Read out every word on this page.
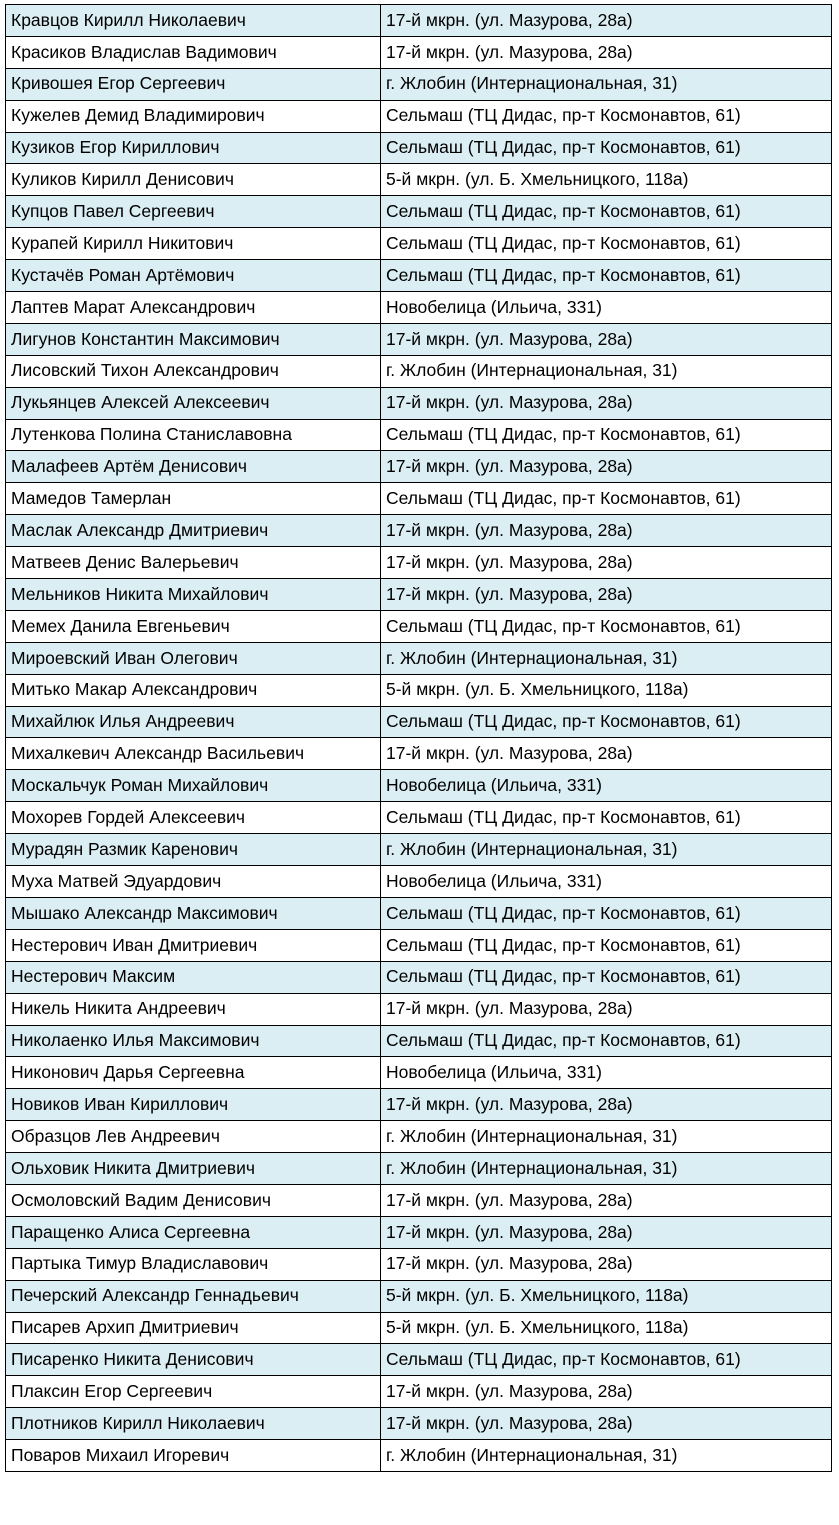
Кравцов Кирилл Николаевич	17-й мкрн. (ул. Мазурова, 28а)
Красиков Владислав Вадимович	17-й мкрн. (ул. Мазурова, 28а)
Кривошея Егор Сергеевич	г. Жлобин (Интернациональная, 31)
Кужелев Демид Владимирович	Сельмаш (ТЦ Дидас, пр-т Космонавтов, 61)
Кузиков Егор Кириллович	Сельмаш (ТЦ Дидас, пр-т Космонавтов, 61)
Куликов Кирилл Денисович	5-й мкрн. (ул. Б. Хмельницкого, 118а)
Купцов Павел Сергеевич	Сельмаш (ТЦ Дидас, пр-т Космонавтов, 61)
Курапей Кирилл Никитович	Сельмаш (ТЦ Дидас, пр-т Космонавтов, 61)
Кустачёв Роман Артёмович	Сельмаш (ТЦ Дидас, пр-т Космонавтов, 61)
Лаптев Марат Александрович	Новобелица (Ильича, 331)
Лигунов Константин Максимович	17-й мкрн. (ул. Мазурова, 28а)
Лисовский Тихон Александрович	г. Жлобин (Интернациональная, 31)
Лукьянцев Алексей Алексеевич	17-й мкрн. (ул. Мазурова, 28а)
Лутенкова Полина Станиславовна	Сельмаш (ТЦ Дидас, пр-т Космонавтов, 61)
Малафеев Артём Денисович	17-й мкрн. (ул. Мазурова, 28а)
Мамедов Тамерлан	Сельмаш (ТЦ Дидас, пр-т Космонавтов, 61)
Маслак Александр Дмитриевич	17-й мкрн. (ул. Мазурова, 28а)
Матвеев Денис Валерьевич	17-й мкрн. (ул. Мазурова, 28а)
Мельников Никита Михайлович	17-й мкрн. (ул. Мазурова, 28а)
Мемех Данила Евгеньевич	Сельмаш (ТЦ Дидас, пр-т Космонавтов, 61)
Мироевский Иван Олегович	г. Жлобин (Интернациональная, 31)
Митько Макар Александрович	5-й мкрн. (ул. Б. Хмельницкого, 118а)
Михайлюк Илья Андреевич	Сельмаш (ТЦ Дидас, пр-т Космонавтов, 61)
Михалкевич Александр Васильевич	17-й мкрн. (ул. Мазурова, 28а)
Москальчук Роман Михайлович	Новобелица (Ильича, 331)
Мохорев Гордей Алексеевич	Сельмаш (ТЦ Дидас, пр-т Космонавтов, 61)
Мурадян Размик Каренович	г. Жлобин (Интернациональная, 31)
Муха Матвей Эдуардович	Новобелица (Ильича, 331)
Мышако Александр Максимович	Сельмаш (ТЦ Дидас, пр-т Космонавтов, 61)
Нестерович Иван Дмитриевич	Сельмаш (ТЦ Дидас, пр-т Космонавтов, 61)
Нестерович Максим	Сельмаш (ТЦ Дидас, пр-т Космонавтов, 61)
Никель Никита Андреевич	17-й мкрн. (ул. Мазурова, 28а)
Николаенко Илья Максимович	Сельмаш (ТЦ Дидас, пр-т Космонавтов, 61)
Никонович Дарья Сергеевна	Новобелица (Ильича, 331)
Новиков Иван Кириллович	17-й мкрн. (ул. Мазурова, 28а)
Образцов Лев Андреевич	г. Жлобин (Интернациональная, 31)
Ольховик Никита Дмитриевич	г. Жлобин (Интернациональная, 31)
Осмоловский Вадим Денисович	17-й мкрн. (ул. Мазурова, 28а)
Паращенко Алиса Сергеевна	17-й мкрн. (ул. Мазурова, 28а)
Партыка Тимур Владиславович	17-й мкрн. (ул. Мазурова, 28а)
Печерский Александр Геннадьевич	5-й мкрн. (ул. Б. Хмельницкого, 118а)
Писарев Архип Дмитриевич	5-й мкрн. (ул. Б. Хмельницкого, 118а)
Писаренко Никита Денисович	Сельмаш (ТЦ Дидас, пр-т Космонавтов, 61)
Плаксин Егор Сергеевич	17-й мкрн. (ул. Мазурова, 28а)
Плотников Кирилл Николаевич	17-й мкрн. (ул. Мазурова, 28а)
Поваров Михаил Игоревич	г. Жлобин (Интернациональная, 31)
